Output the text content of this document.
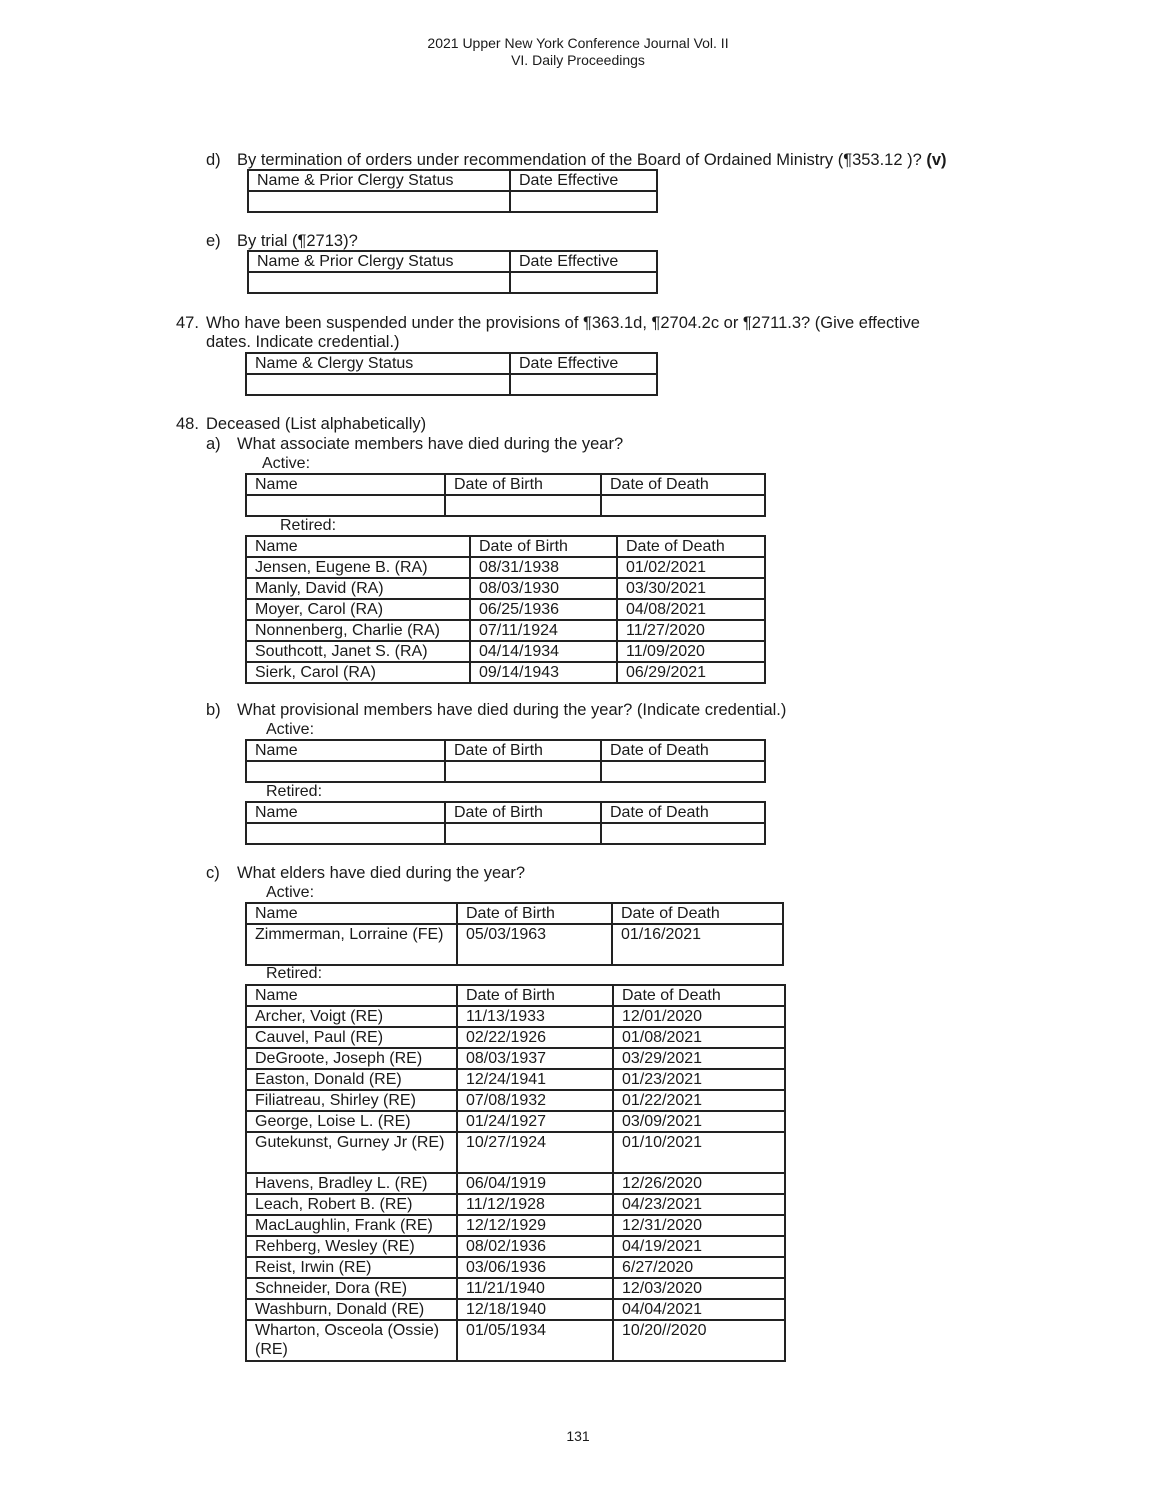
2021 Upper New York Conference Journal Vol. II
VI. Daily Proceedings
d) By termination of orders under recommendation of the Board of Ordained Ministry (¶353.12 )? (v)
Name & Prior Clergy Status	Date Effective

e) By trial (¶2713)?
Name & Prior Clergy Status	Date Effective

47. Who have been suspended under the provisions of ¶363.1d, ¶2704.2c or ¶2711.3? (Give effective
dates. Indicate credential.)
Name & Clergy Status	Date Effective

48. Deceased (List alphabetically)
a) What associate members have died during the year?
Active:
Name	Date of Birth	Date of Death

Retired:
Name	Date of Birth	Date of Death
Jensen, Eugene B. (RA)	08/31/1938	01/02/2021
Manly, David (RA)	08/03/1930	03/30/2021
Moyer, Carol (RA)	06/25/1936	04/08/2021
Nonnenberg, Charlie (RA)	07/11/1924	11/27/2020
Southcott, Janet S. (RA)	04/14/1934	11/09/2020
Sierk, Carol (RA)	09/14/1943	06/29/2021
b) What provisional members have died during the year? (Indicate credential.)
Active:
Name	Date of Birth	Date of Death

Retired:
Name	Date of Birth	Date of Death

c) What elders have died during the year?
Active:
Name	Date of Birth	Date of Death
Zimmerman, Lorraine (FE)	05/03/1963	01/16/2021
Retired:
Name	Date of Birth	Date of Death
Archer, Voigt (RE)	11/13/1933	12/01/2020
Cauvel, Paul (RE)	02/22/1926	01/08/2021
DeGroote, Joseph (RE)	08/03/1937	03/29/2021
Easton, Donald (RE)	12/24/1941	01/23/2021
Filiatreau, Shirley (RE)	07/08/1932	01/22/2021
George, Loise L. (RE)	01/24/1927	03/09/2021
Gutekunst, Gurney Jr (RE)	10/27/1924	01/10/2021
Havens, Bradley L. (RE)	06/04/1919	12/26/2020
Leach, Robert B. (RE)	11/12/1928	04/23/2021
MacLaughlin, Frank (RE)	12/12/1929	12/31/2020
Rehberg, Wesley (RE)	08/02/1936	04/19/2021
Reist, Irwin (RE)	03/06/1936	6/27/2020
Schneider, Dora (RE)	11/21/1940	12/03/2020
Washburn, Donald (RE)	12/18/1940	04/04/2021
Wharton, Osceola (Ossie) (RE)	01/05/1934	10/20//2020
131
